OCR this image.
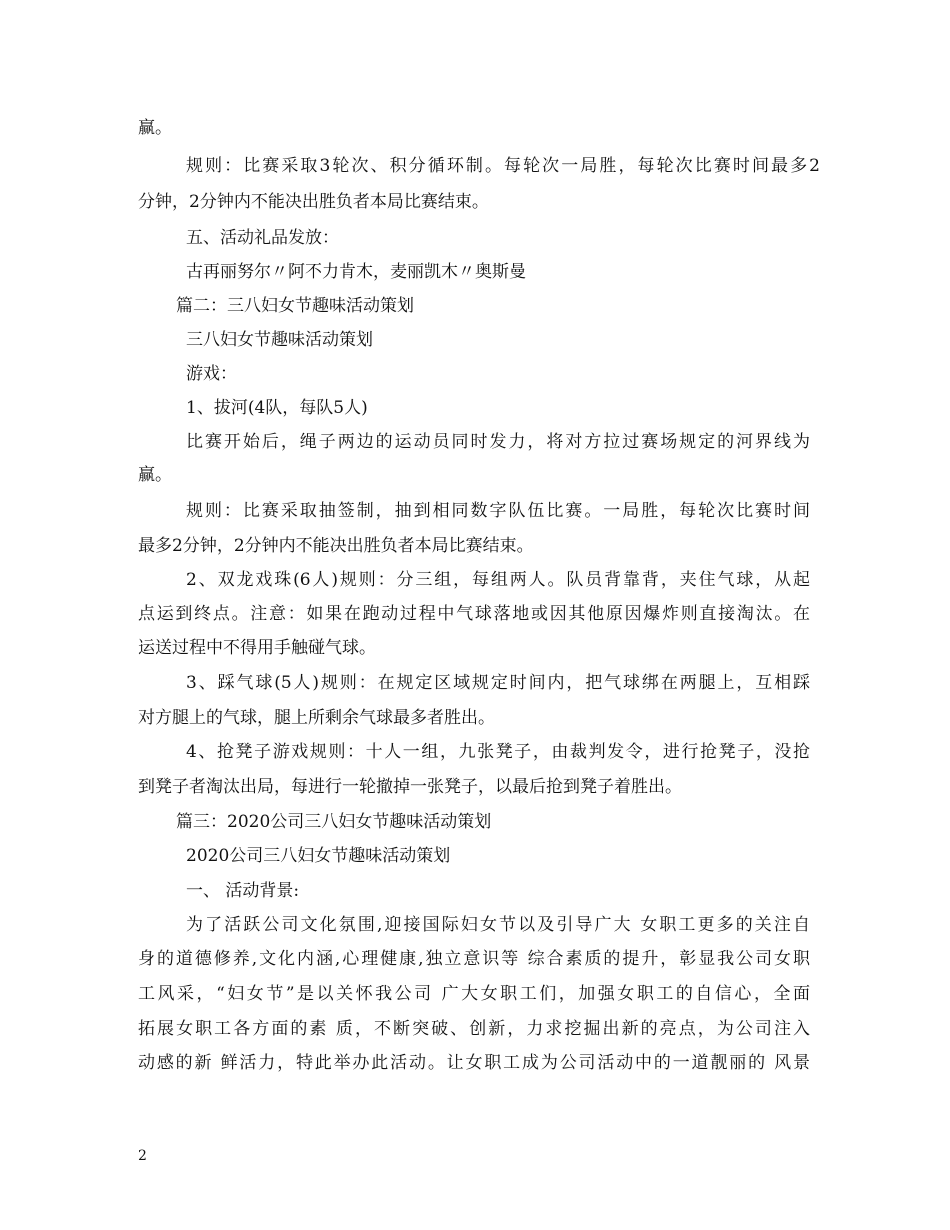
赢。
规则：比赛采取3轮次、积分循环制。每轮次一局胜，每轮次比赛时间最多2
分钟，2分钟内不能决出胜负者本局比赛结束。
五、活动礼品发放：
古再丽努尔〃阿不力肯木，麦丽凯木〃奥斯曼
篇二：三八妇女节趣味活动策划
三八妇女节趣味活动策划
游戏：
1、拔河(4队，每队5人)
比赛开始后，绳子两边的运动员同时发力，将对方拉过赛场规定的河界线为
赢。
规则：比赛采取抽签制，抽到相同数字队伍比赛。一局胜，每轮次比赛时间
最多2分钟，2分钟内不能决出胜负者本局比赛结束。
2、双龙戏珠(6人)规则：分三组，每组两人。队员背靠背，夹住气球，从起
点运到终点。注意：如果在跑动过程中气球落地或因其他原因爆炸则直接淘汰。在
运送过程中不得用手触碰气球。
3、踩气球(5人)规则：在规定区域规定时间内，把气球绑在两腿上，互相踩
对方腿上的气球，腿上所剩余气球最多者胜出。
4、抢凳子游戏规则：十人一组，九张凳子，由裁判发令，进行抢凳子，没抢
到凳子者淘汰出局，每进行一轮撤掉一张凳子，以最后抢到凳子着胜出。
篇三：2020公司三八妇女节趣味活动策划
2020公司三八妇女节趣味活动策划
一、 活动背景:
为了活跃公司文化氛围,迎接国际妇女节以及引导广大 女职工更多的关注自
身的道德修养,文化内涵,心理健康,独立意识等 综合素质的提升，彰显我公司女职
工风采，“妇女节”是以关怀我公司 广大女职工们，加强女职工的自信心，全面
拓展女职工各方面的素 质，不断突破、创新，力求挖掘出新的亮点，为公司注入
动感的新 鲜活力，特此举办此活动。让女职工成为公司活动中的一道靓丽的 风景
2
